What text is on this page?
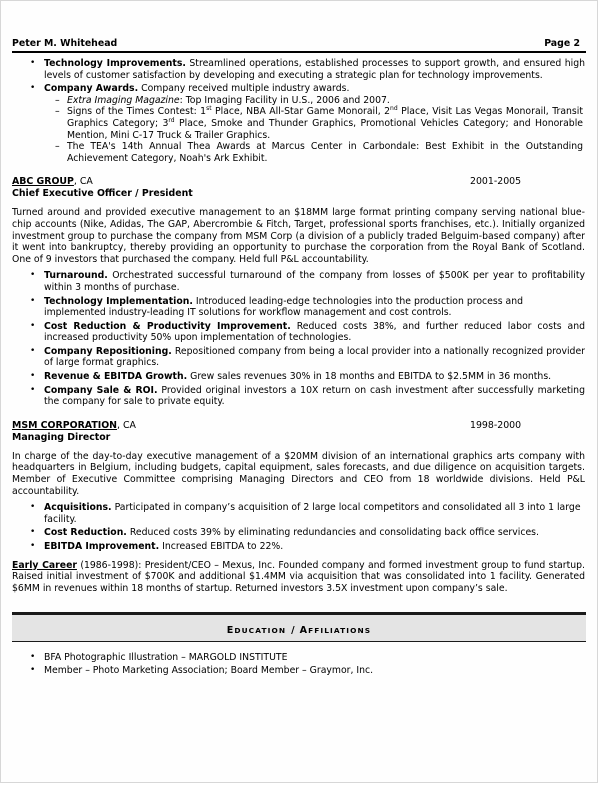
Peter M. Whitehead	Page 2
• Technology Improvements. Streamlined operations, established processes to support growth, and ensured high levels of customer satisfaction by developing and executing a strategic plan for technology improvements.
• Company Awards. Company received multiple industry awards.
– Extra Imaging Magazine: Top Imaging Facility in U.S., 2006 and 2007.
– Signs of the Times Contest: 1st Place, NBA All-Star Game Monorail, 2nd Place, Visit Las Vegas Monorail, Transit Graphics Category; 3rd Place, Smoke and Thunder Graphics, Promotional Vehicles Category; and Honorable Mention, Mini C-17 Truck & Trailer Graphics.
– The TEA's 14th Annual Thea Awards at Marcus Center in Carbondale: Best Exhibit in the Outstanding Achievement Category, Noah's Ark Exhibit.
ABC GROUP, CA	2001-2005
Chief Executive Officer / President
Turned around and provided executive management to an $18MM large format printing company serving national blue-chip accounts (Nike, Adidas, The GAP, Abercrombie & Fitch, Target, professional sports franchises, etc.). Initially organized investment group to purchase the company from MSM Corp (a division of a publicly traded Belguim-based company) after it went into bankruptcy, thereby providing an opportunity to purchase the corporation from the Royal Bank of Scotland. One of 9 investors that purchased the company. Held full P&L accountability.
• Turnaround. Orchestrated successful turnaround of the company from losses of $500K per year to profitability within 3 months of purchase.
• Technology Implementation. Introduced leading-edge technologies into the production process and implemented industry-leading IT solutions for workflow management and cost controls.
• Cost Reduction & Productivity Improvement. Reduced costs 38%, and further reduced labor costs and increased productivity 50% upon implementation of technologies.
• Company Repositioning. Repositioned company from being a local provider into a nationally recognized provider of large format graphics.
• Revenue & EBITDA Growth. Grew sales revenues 30% in 18 months and EBITDA to $2.5MM in 36 months.
• Company Sale & ROI. Provided original investors a 10X return on cash investment after successfully marketing the company for sale to private equity.
MSM CORPORATION, CA	1998-2000
Managing Director
In charge of the day-to-day executive management of a $20MM division of an international graphics arts company with headquarters in Belgium, including budgets, capital equipment, sales forecasts, and due diligence on acquisition targets. Member of Executive Committee comprising Managing Directors and CEO from 18 worldwide divisions. Held P&L accountability.
• Acquisitions. Participated in company’s acquisition of 2 large local competitors and consolidated all 3 into 1 large facility.
• Cost Reduction. Reduced costs 39% by eliminating redundancies and consolidating back office services.
• EBITDA Improvement. Increased EBITDA to 22%.
Early Career (1986-1998): President/CEO – Mexus, Inc. Founded company and formed investment group to fund startup. Raised initial investment of $700K and additional $1.4MM via acquisition that was consolidated into 1 facility. Generated $6MM in revenues within 18 months of startup. Returned investors 3.5X investment upon company’s sale.
EDUCATION / AFFILIATIONS
• BFA Photographic Illustration – MARGOLD INSTITUTE
• Member – Photo Marketing Association; Board Member – Graymor, Inc.
